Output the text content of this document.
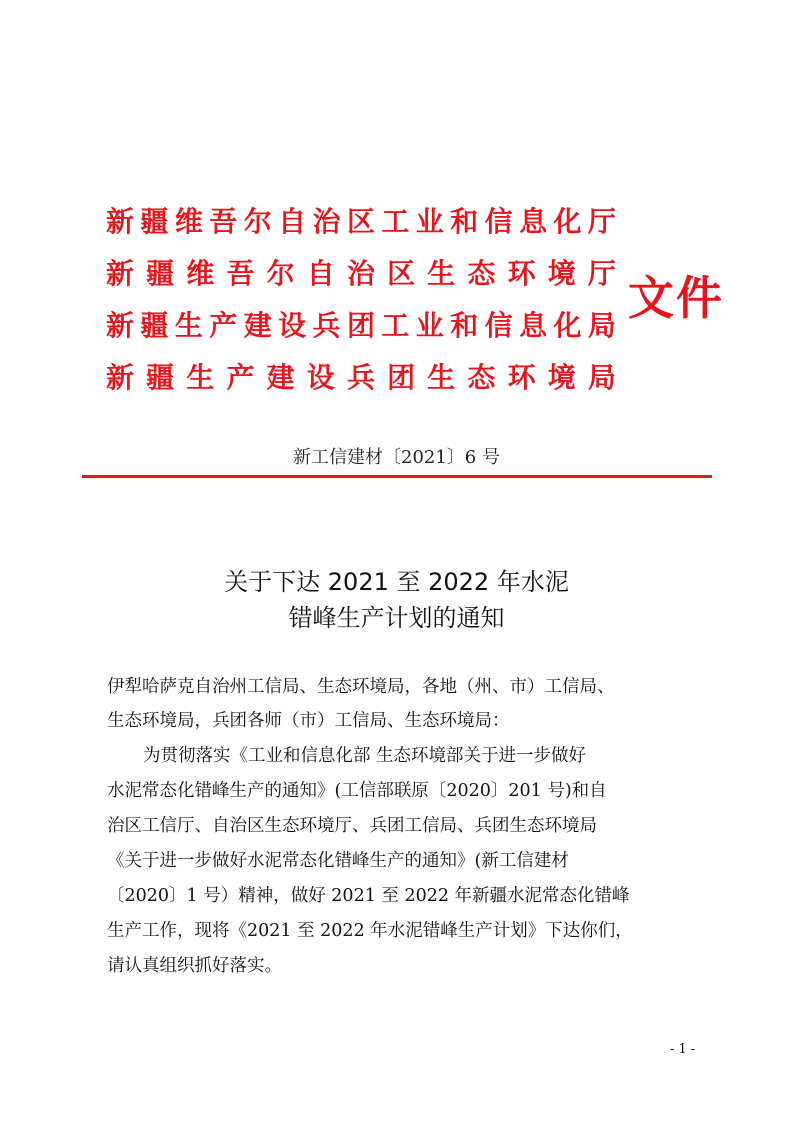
新 疆 维 吾 尔 自 治 区 工 业 和 信 息 化 厅
新 疆 维 吾 尔 自 治 区 生 态 环 境 厅
新 疆 生 产 建 设 兵 团 工 业 和 信 息 化 局
新 疆 生 产 建 设 兵 团 生 态 环 境 局
文件
新工信建材〔2021〕6 号
关于下达 2021 至 2022 年水泥
错峰生产计划的通知
伊犁哈萨克自治州工信局、生态环境局，各地（州、市）工信局、
生态环境局，兵团各师（市）工信局、生态环境局：
为贯彻落实《工业和信息化部 生态环境部关于进一步做好
水泥常态化错峰生产的通知》(工信部联原〔2020〕201 号)和自
治区工信厅、自治区生态环境厅、兵团工信局、兵团生态环境局
《关于进一步做好水泥常态化错峰生产的通知》(新工信建材
〔2020〕1 号）精神，做好 2021 至 2022 年新疆水泥常态化错峰
生产工作，现将《2021 至 2022 年水泥错峰生产计划》下达你们，
请认真组织抓好落实。
- 1 -
